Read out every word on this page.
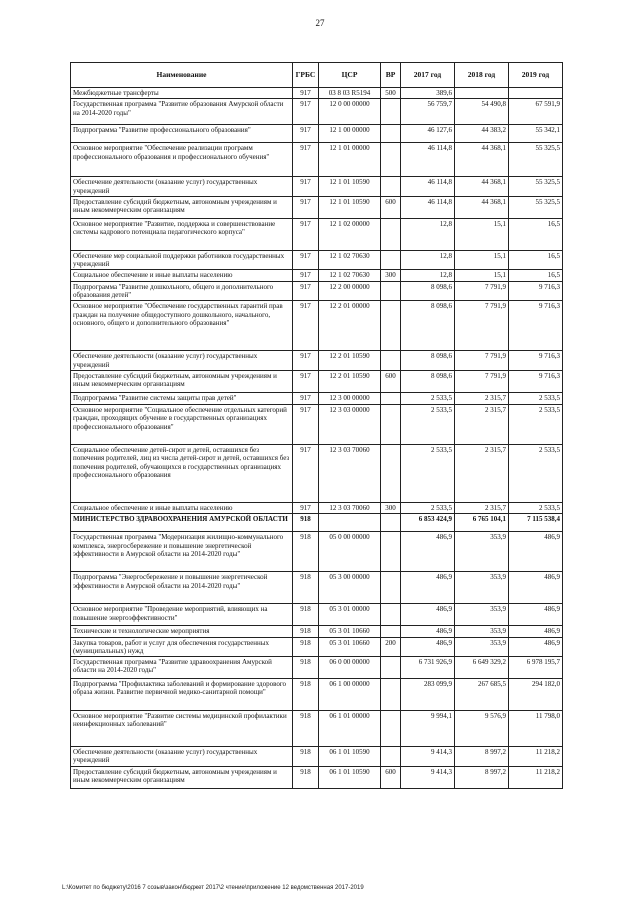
27
Наименование	ГРБС	ЦСР	ВР	2017 год	2018 год	2019 год
Межбюджетные трансферты	917	03 8 03 R5194	500	389,6		
Государственная программа "Развитие образования Амурской области на 2014-2020 годы"	917	12 0 00 00000		56 759,7	54 490,8	67 591,9
Подпрограмма "Развитие профессионального образования"	917	12 1 00 00000		46 127,6	44 383,2	55 342,1
Основное мероприятие "Обеспечение реализации программ профессионального образования и профессионального обучения"	917	12 1 01 00000		46 114,8	44 368,1	55 325,5
Обеспечение деятельности (оказание услуг) государственных учреждений	917	12 1 01 10590		46 114,8	44 368,1	55 325,5
Предоставление субсидий бюджетным, автономным учреждениям и иным некоммерческим организациям	917	12 1 01 10590	600	46 114,8	44 368,1	55 325,5
Основное мероприятие "Развитие, поддержка и совершенствование системы кадрового потенциала педагогического корпуса"	917	12 1 02 00000		12,8	15,1	16,5
Обеспечение мер социальной поддержки работников государственных учреждений	917	12 1 02 70630		12,8	15,1	16,5
Социальное обеспечение и иные выплаты населению	917	12 1 02 70630	300	12,8	15,1	16,5
Подпрограмма "Развитие дошкольного, общего и дополнительного образования детей"	917	12 2 00 00000		8 098,6	7 791,9	9 716,3
Основное мероприятие "Обеспечение государственных гарантий прав граждан на получение общедоступного дошкольного, начального, основного, общего и дополнительного образования"	917	12 2 01 00000		8 098,6	7 791,9	9 716,3
Обеспечение деятельности (оказание услуг) государственных учреждений	917	12 2 01 10590		8 098,6	7 791,9	9 716,3
Предоставление субсидий бюджетным, автономным учреждениям и иным некоммерческим организациям	917	12 2 01 10590	600	8 098,6	7 791,9	9 716,3
Подпрограмма "Развитие системы защиты прав детей"	917	12 3 00 00000		2 533,5	2 315,7	2 533,5
Основное мероприятие "Социальное обеспечение отдельных категорий граждан, проходящих обучение в государственных организациях профессионального образования"	917	12 3 03 00000		2 533,5	2 315,7	2 533,5
Социальное обеспечение детей-сирот и детей, оставшихся без попечения родителей, лиц из числа детей-сирот и детей, оставшихся без попечения родителей, обучающихся в государственных организациях профессионального образования	917	12 3 03 70060		2 533,5	2 315,7	2 533,5
Социальное обеспечение и иные выплаты населению	917	12 3 03 70060	300	2 533,5	2 315,7	2 533,5
МИНИСТЕРСТВО ЗДРАВООХРАНЕНИЯ АМУРСКОЙ ОБЛАСТИ	918			6 853 424,9	6 765 104,1	7 115 538,4
Государственная программа "Модернизация жилищно-коммунального комплекса, энергосбережение и повышение энергетической эффективности в Амурской области на 2014-2020 годы"	918	05 0 00 00000		486,9	353,9	486,9
Подпрограмма "Энергосбережение и повышение энергетической эффективности в Амурской области на 2014-2020 годы"	918	05 3 00 00000		486,9	353,9	486,9
Основное мероприятие "Проведение мероприятий, влияющих на повышение энергоэффективности"	918	05 3 01 00000		486,9	353,9	486,9
Технические и технологические мероприятия	918	05 3 01 10660		486,9	353,9	486,9
Закупка товаров, работ и услуг для обеспечения государственных (муниципальных) нужд	918	05 3 01 10660	200	486,9	353,9	486,9
Государственная программа "Развитие здравоохранения Амурской области на 2014-2020 годы"	918	06 0 00 00000		6 731 926,9	6 649 329,2	6 978 195,7
Подпрограмма "Профилактика заболеваний и формирование здорового образа жизни. Развитие первичной медико-санитарной помощи"	918	06 1 00 00000		283 099,9	267 685,5	294 182,0
Основное мероприятие "Развитие системы медицинской профилактики неинфекционных заболеваний"	918	06 1 01 00000		9 994,1	9 576,9	11 798,0
Обеспечение деятельности (оказание услуг) государственных учреждений	918	06 1 01 10590		9 414,3	8 997,2	11 218,2
Предоставление субсидий бюджетным, автономным учреждениям и иным некоммерческим организациям	918	06 1 01 10590	600	9 414,3	8 997,2	11 218,2
L:\Комитет по бюджету\2016 7 созыв\закон\бюджет 2017\2 чтение\приложение 12 ведомственная 2017-2019
